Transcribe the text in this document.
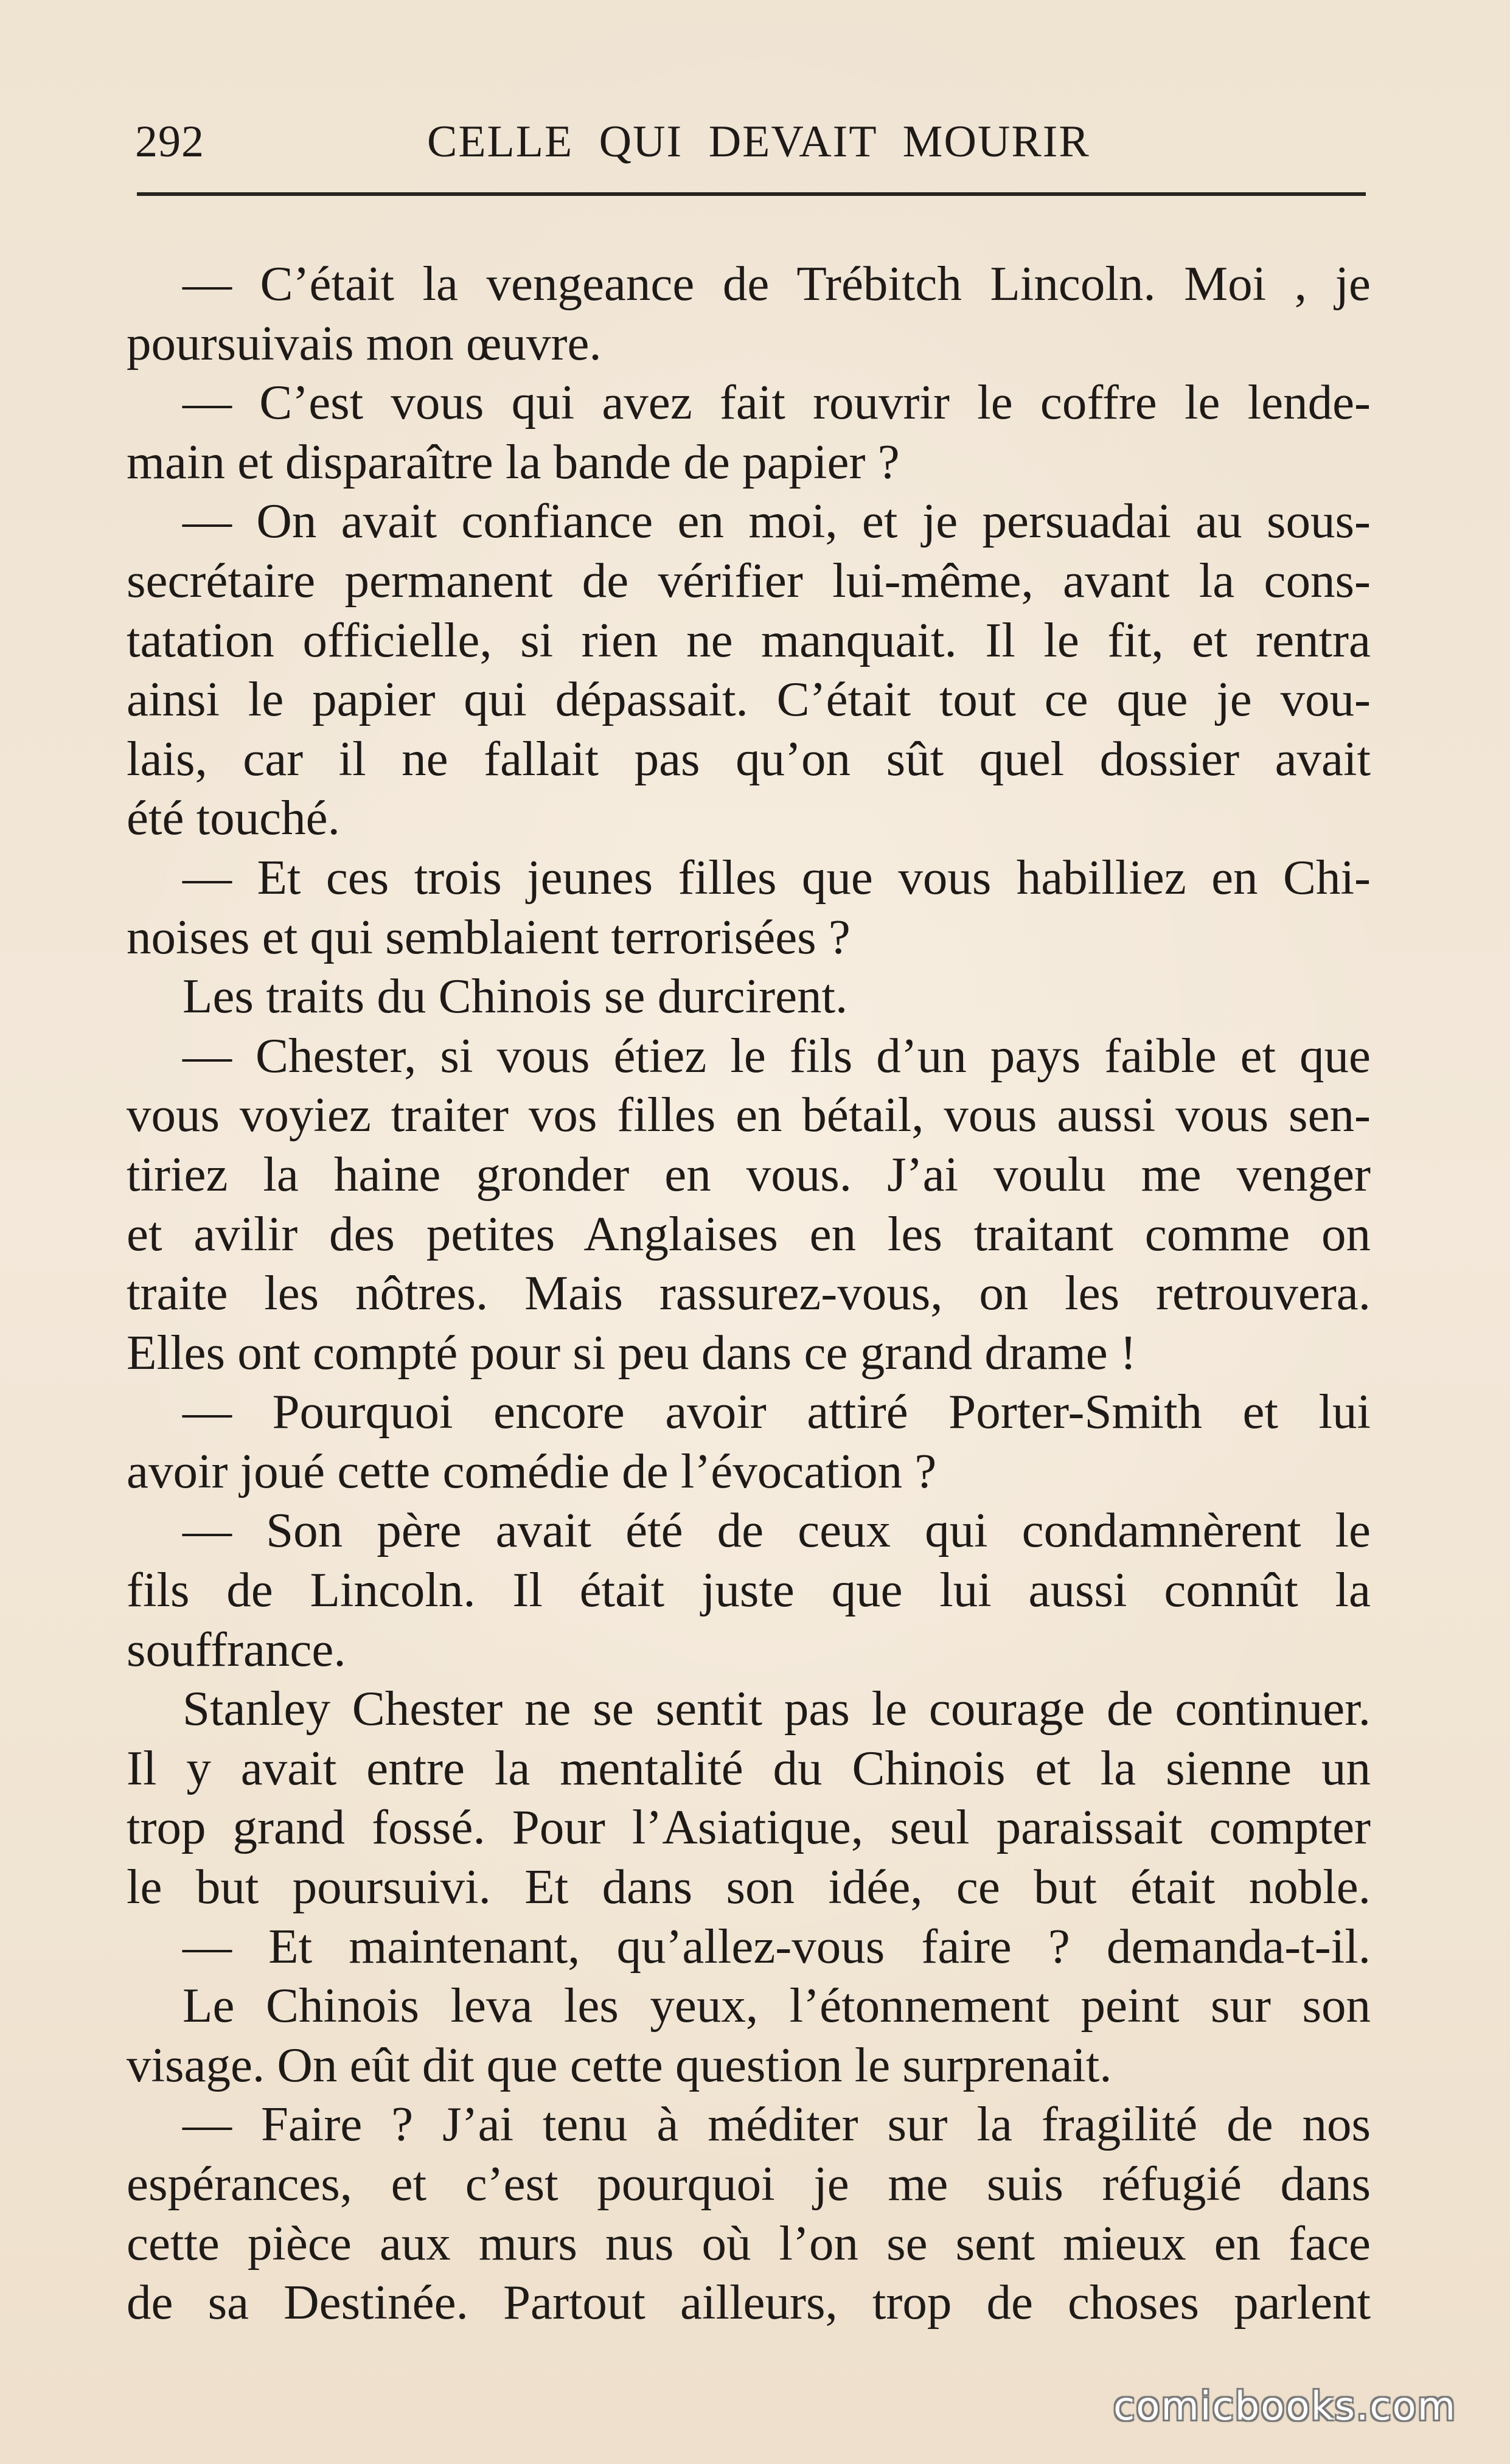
292	CELLE QUI DEVAIT MOURIR
— C’était la vengeance de Trébitch Lincoln. Moi , je
poursuivais mon œuvre.
— C’est vous qui avez fait rouvrir le coffre le lende-
main et disparaître la bande de papier ?
— On avait confiance en moi, et je persuadai au sous-
secrétaire permanent de vérifier lui-même, avant la cons-
tatation officielle, si rien ne manquait. Il le fit, et rentra
ainsi le papier qui dépassait. C’était tout ce que je vou-
lais, car il ne fallait pas qu’on sût quel dossier avait
été touché.
— Et ces trois jeunes filles que vous habilliez en Chi-
noises et qui semblaient terrorisées ?
Les traits du Chinois se durcirent.
— Chester, si vous étiez le fils d’un pays faible et que
vous voyiez traiter vos filles en bétail, vous aussi vous sen-
tiriez la haine gronder en vous. J’ai voulu me venger
et avilir des petites Anglaises en les traitant comme on
traite les nôtres. Mais rassurez-vous, on les retrouvera.
Elles ont compté pour si peu dans ce grand drame !
— Pourquoi encore avoir attiré Porter-Smith et lui
avoir joué cette comédie de l’évocation ?
— Son père avait été de ceux qui condamnèrent le
fils de Lincoln. Il était juste que lui aussi connût la
souffrance.
Stanley Chester ne se sentit pas le courage de continuer.
Il y avait entre la mentalité du Chinois et la sienne un
trop grand fossé. Pour l’Asiatique, seul paraissait compter
le but poursuivi. Et dans son idée, ce but était noble.
— Et maintenant, qu’allez-vous faire ? demanda-t-il.
Le Chinois leva les yeux, l’étonnement peint sur son
visage. On eût dit que cette question le surprenait.
— Faire ? J’ai tenu à méditer sur la fragilité de nos
espérances, et c’est pourquoi je me suis réfugié dans
cette pièce aux murs nus où l’on se sent mieux en face
de sa Destinée. Partout ailleurs, trop de choses parlent
comicbooks.com
